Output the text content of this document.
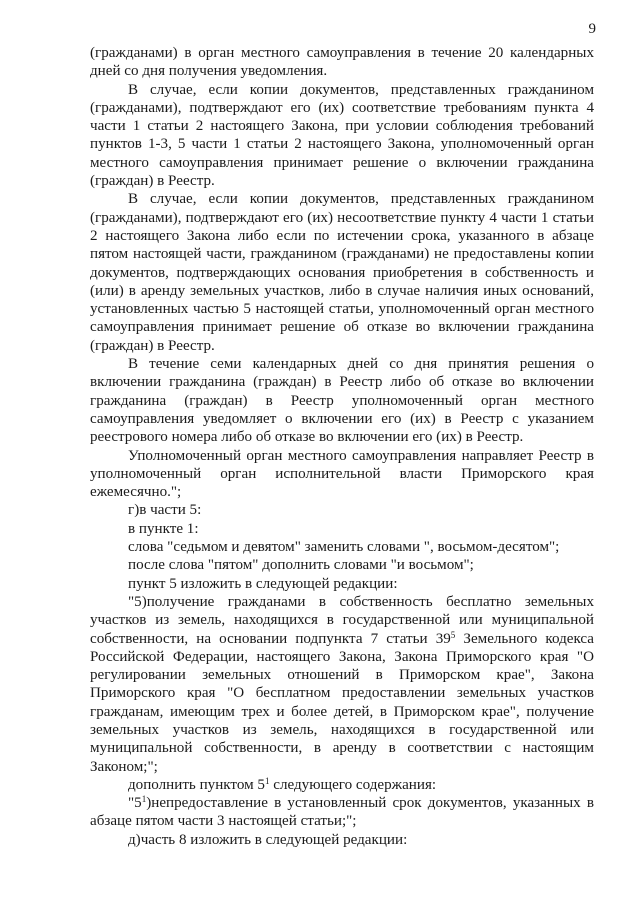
9

(гражданами) в орган местного самоуправления в течение 20 календарных дней со дня получения уведомления.

В случае, если копии документов, представленных гражданином (гражданами), подтверждают его (их) соответствие требованиям пункта 4 части 1 статьи 2 настоящего Закона, при условии соблюдения требований пунктов 1-3, 5 части 1 статьи 2 настоящего Закона, уполномоченный орган местного самоуправления принимает решение о включении гражданина (граждан) в Реестр.

В случае, если копии документов, представленных гражданином (гражданами), подтверждают его (их) несоответствие пункту 4 части 1 статьи 2 настоящего Закона либо если по истечении срока, указанного в абзаце пятом настоящей части, гражданином (гражданами) не предоставлены копии документов, подтверждающих основания приобретения в собственность и (или) в аренду земельных участков, либо в случае наличия иных оснований, установленных частью 5 настоящей статьи, уполномоченный орган местного самоуправления принимает решение об отказе во включении гражданина (граждан) в Реестр.

В течение семи календарных дней со дня принятия решения о включении гражданина (граждан) в Реестр либо об отказе во включении гражданина (граждан) в Реестр уполномоченный орган местного самоуправления уведомляет о включении его (их) в Реестр с указанием реестрового номера либо об отказе во включении его (их) в Реестр.

Уполномоченный орган местного самоуправления направляет Реестр в уполномоченный орган исполнительной власти Приморского края ежемесячно.";

г)в части 5:

в пункте 1:

слова "седьмом и девятом" заменить словами ", восьмом-десятом";

после слова "пятом" дополнить словами "и восьмом";

пункт 5 изложить в следующей редакции:

"5)получение гражданами в собственность бесплатно земельных участков из земель, находящихся в государственной или муниципальной собственности, на основании подпункта 7 статьи $39^5$ Земельного кодекса Российской Федерации, настоящего Закона, Закона Приморского края "О регулировании земельных отношений в Приморском крае", Закона Приморского края "О бесплатном предоставлении земельных участков гражданам, имеющим трех и более детей, в Приморском крае", получение земельных участков из земель, находящихся в государственной или муниципальной собственности, в аренду в соответствии с настоящим Законом;";

дополнить пунктом $5^1$ следующего содержания:

"$5^1)непредоставление$ в установленный срок документов, указанных в абзаце пятом части 3 настоящей статьи;";

д)часть 8 изложить в следующей редакции:
